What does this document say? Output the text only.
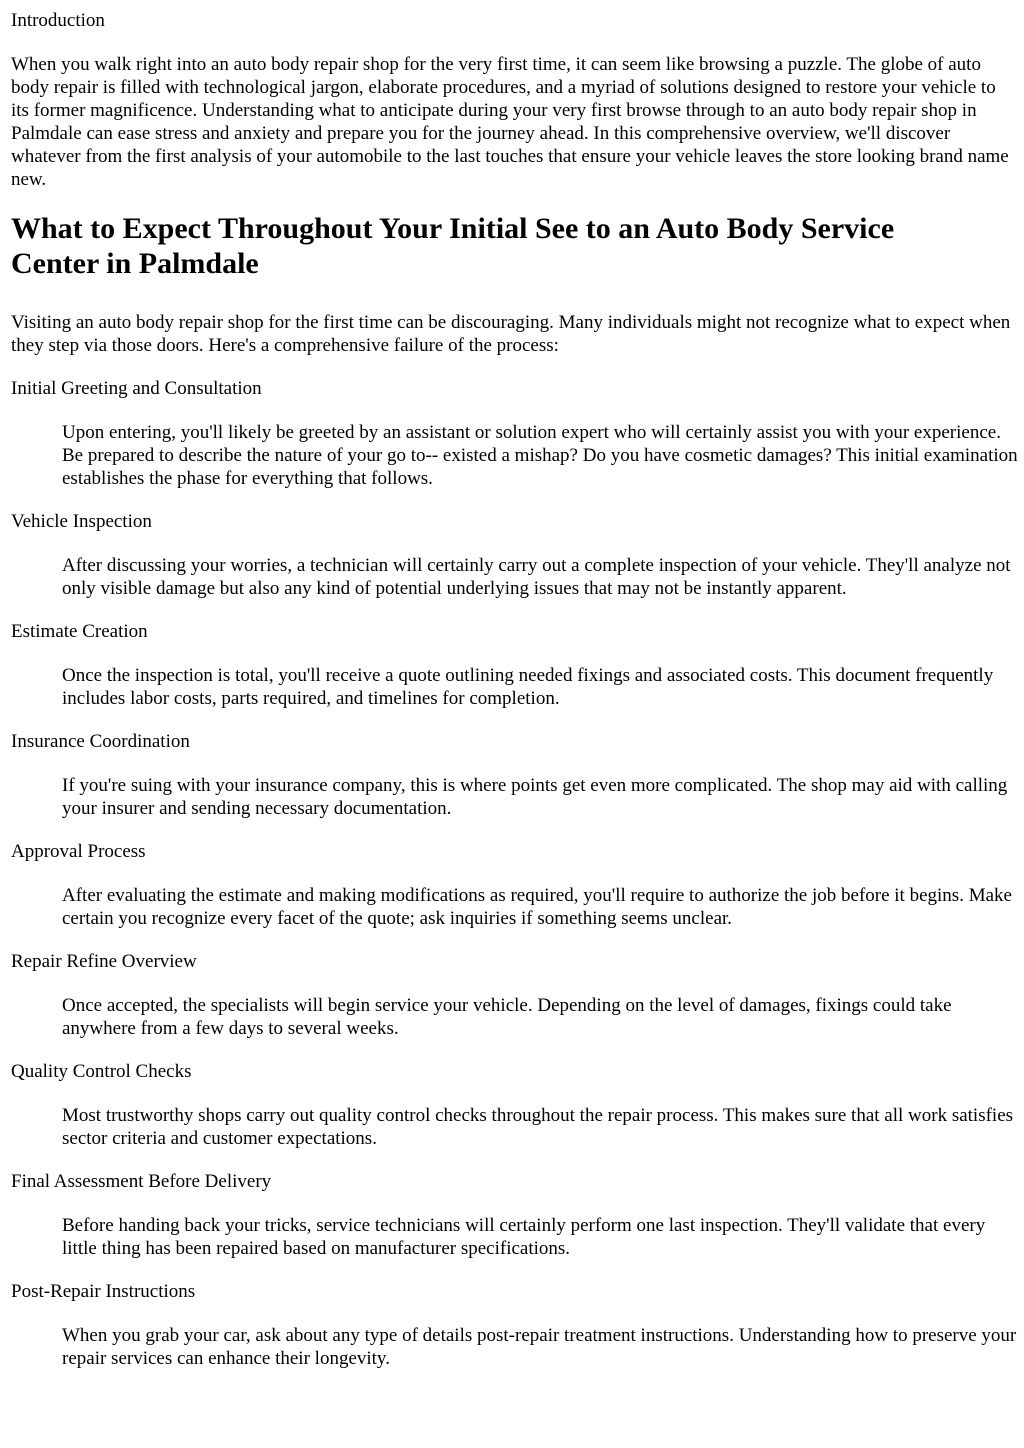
Introduction

When you walk right into an auto body repair shop for the very first time, it can seem like browsing a puzzle. The globe of auto body repair is filled with technological jargon, elaborate procedures, and a myriad of solutions designed to restore your vehicle to its former magnificence. Understanding what to anticipate during your very first browse through to an auto body repair shop in Palmdale can ease stress and anxiety and prepare you for the journey ahead. In this comprehensive overview, we'll discover whatever from the first analysis of your automobile to the last touches that ensure your vehicle leaves the store looking brand name new.

What to Expect Throughout Your Initial See to an Auto Body Service Center in Palmdale

Visiting an auto body repair shop for the first time can be discouraging. Many individuals might not recognize what to expect when they step via those doors. Here's a comprehensive failure of the process:

Initial Greeting and Consultation

Upon entering, you'll likely be greeted by an assistant or solution expert who will certainly assist you with your experience. Be prepared to describe the nature of your go to-- existed a mishap? Do you have cosmetic damages? This initial examination establishes the phase for everything that follows.

Vehicle Inspection

After discussing your worries, a technician will certainly carry out a complete inspection of your vehicle. They'll analyze not only visible damage but also any kind of potential underlying issues that may not be instantly apparent.

Estimate Creation

Once the inspection is total, you'll receive a quote outlining needed fixings and associated costs. This document frequently includes labor costs, parts required, and timelines for completion.

Insurance Coordination

If you're suing with your insurance company, this is where points get even more complicated. The shop may aid with calling your insurer and sending necessary documentation.

Approval Process

After evaluating the estimate and making modifications as required, you'll require to authorize the job before it begins. Make certain you recognize every facet of the quote; ask inquiries if something seems unclear.

Repair Refine Overview

Once accepted, the specialists will begin service your vehicle. Depending on the level of damages, fixings could take anywhere from a few days to several weeks.

Quality Control Checks

Most trustworthy shops carry out quality control checks throughout the repair process. This makes sure that all work satisfies sector criteria and customer expectations.

Final Assessment Before Delivery

Before handing back your tricks, service technicians will certainly perform one last inspection. They'll validate that every little thing has been repaired based on manufacturer specifications.

Post-Repair Instructions

When you grab your car, ask about any type of details post-repair treatment instructions. Understanding how to preserve your repair services can enhance their longevity.
